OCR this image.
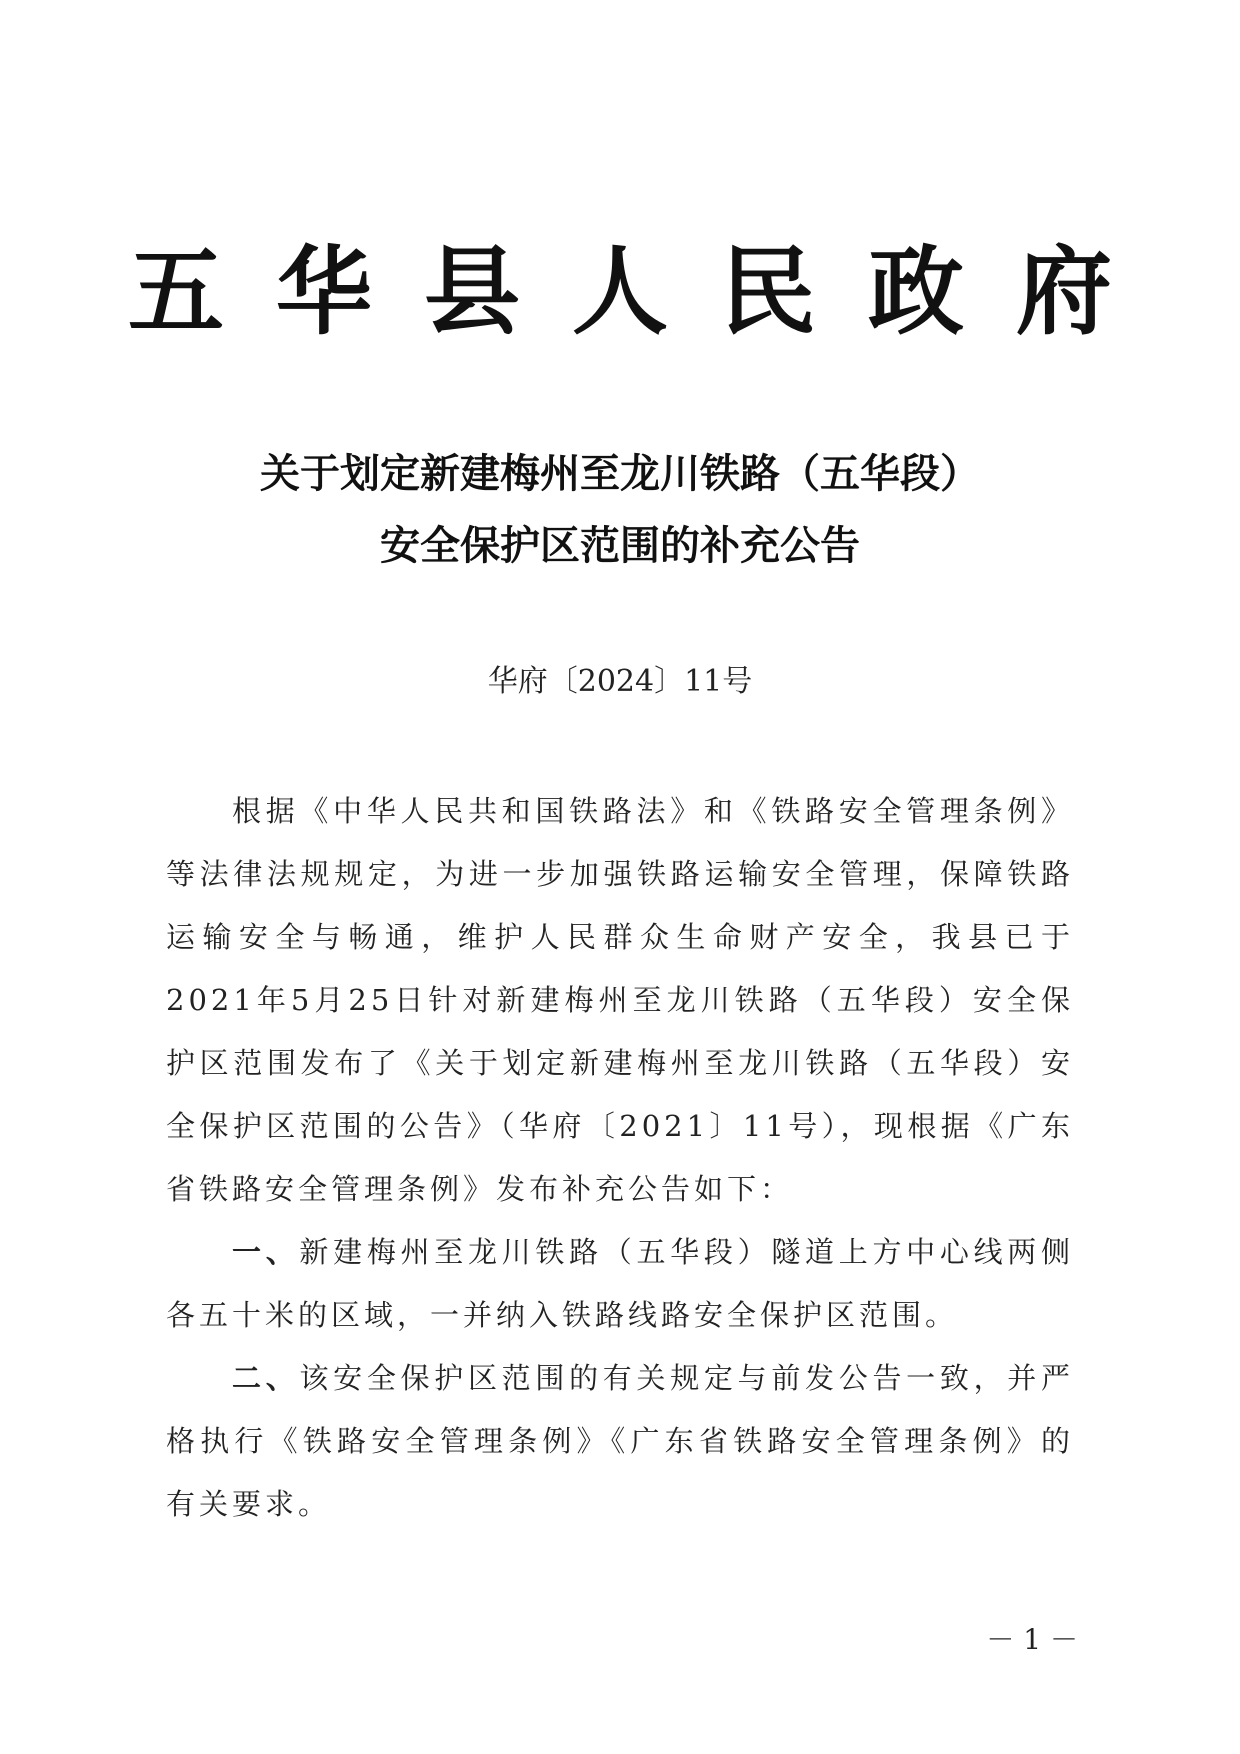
五华县人民政府
关于划定新建梅州至龙川铁路（五华段）
安全保护区范围的补充公告
华府〔2024〕11号

根据《中华人民共和国铁路法》和《铁路安全管理条例》等法律法规规定，为进一步加强铁路运输安全管理，保障铁路运输安全与畅通，维护人民群众生命财产安全，我县已于2021年5月25日针对新建梅州至龙川铁路（五华段）安全保护区范围发布了《关于划定新建梅州至龙川铁路（五华段）安全保护区范围的公告》（华府〔2021〕11号），现根据《广东省铁路安全管理条例》发布补充公告如下：

一、新建梅州至龙川铁路（五华段）隧道上方中心线两侧各五十米的区域，一并纳入铁路线路安全保护区范围。

二、该安全保护区范围的有关规定与前发公告一致，并严格执行《铁路安全管理条例》《广东省铁路安全管理条例》的有关要求。

－ 1 －
